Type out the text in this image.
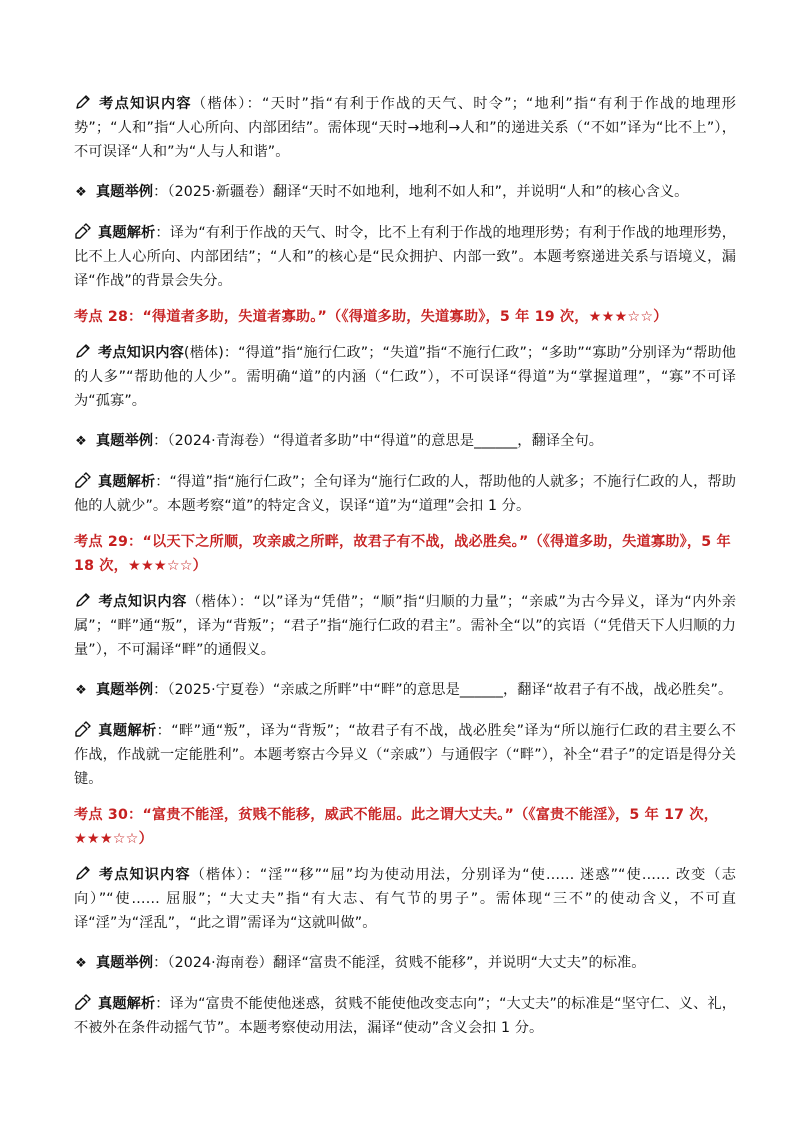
考点知识内容（楷体）：“天时”指“有利于作战的天气、时令”；“地利”指“有利于作战的地理形势”；“人和”指“人心所向、内部团结”。需体现“天时→地利→人和”的递进关系（“不如”译为“比不上”），不可误译“人和”为“人与人和谐”。

❖ 真题举例：（2025·新疆卷）翻译“天时不如地利，地利不如人和”，并说明“人和”的核心含义。

真题解析：译为“有利于作战的天气、时令，比不上有利于作战的地理形势；有利于作战的地理形势，比不上人心所向、内部团结”；“人和”的核心是“民众拥护、内部一致”。本题考察递进关系与语境义，漏译“作战”的背景会失分。

考点 28：“得道者多助，失道者寡助。”（《得道多助，失道寡助》，5 年 19 次，★★★☆☆）

考点知识内容(楷体)：“得道”指“施行仁政”；“失道”指“不施行仁政”；“多助”“寡助”分别译为“帮助他的人多”“帮助他的人少”。需明确“道”的内涵（“仁政”），不可误译“得道”为“掌握道理”，“寡”不可译为“孤寡”。

❖ 真题举例：（2024·青海卷）“得道者多助”中“得道”的意思是______，翻译全句。

真题解析：“得道”指“施行仁政”；全句译为“施行仁政的人，帮助他的人就多；不施行仁政的人，帮助他的人就少”。本题考察“道”的特定含义，误译“道”为“道理”会扣 1 分。

考点 29：“以天下之所顺，攻亲戚之所畔，故君子有不战，战必胜矣。”（《得道多助，失道寡助》，5 年 18 次，★★★☆☆）

考点知识内容（楷体）：“以”译为“凭借”；“顺”指“归顺的力量”；“亲戚”为古今异义，译为“内外亲属”；“畔”通“叛”，译为“背叛”；“君子”指“施行仁政的君主”。需补全“以”的宾语（“凭借天下人归顺的力量”），不可漏译“畔”的通假义。

❖ 真题举例：（2025·宁夏卷）“亲戚之所畔”中“畔”的意思是______，翻译“故君子有不战，战必胜矣”。

真题解析：“畔”通“叛”，译为“背叛”；“故君子有不战，战必胜矣”译为“所以施行仁政的君主要么不作战，作战就一定能胜利”。本题考察古今异义（“亲戚”）与通假字（“畔”），补全“君子”的定语是得分关键。

考点 30：“富贵不能淫，贫贱不能移，威武不能屈。此之谓大丈夫。”（《富贵不能淫》，5 年 17 次，★★★☆☆）

考点知识内容（楷体）：“淫”“移”“屈”均为使动用法，分别译为“使…… 迷惑”“使…… 改变（志向）”“使…… 屈服”；“大丈夫”指“有大志、有气节的男子”。需体现“三不”的使动含义，不可直译“淫”为“淫乱”，“此之谓”需译为“这就叫做”。

❖ 真题举例：（2024·海南卷）翻译“富贵不能淫，贫贱不能移”，并说明“大丈夫”的标准。

真题解析：译为“富贵不能使他迷惑，贫贱不能使他改变志向”；“大丈夫”的标准是“坚守仁、义、礼，不被外在条件动摇气节”。本题考察使动用法，漏译“使动”含义会扣 1 分。
